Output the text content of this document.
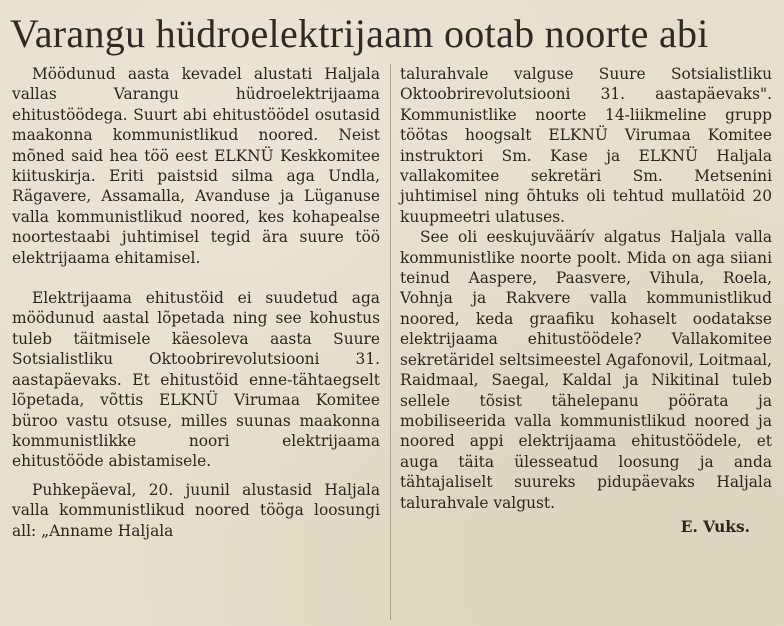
Varangu hüdroelektrijaam ootab noorte abi

Möödunud aasta kevadel alustati Haljala vallas Varangu hüdroelektrijaama ehitustöödega. Suurt abi ehitustöödel osutasid maakonna kommunistlikud noored. Neist mõned said hea töö eest ELKNÜ Keskkomitee kiituskirja. Eriti paistsid silma aga Undla, Rägavere, Assamalla, Avanduse ja Lüganuse valla kommunistlikud noored, kes kohapealse noortestaabi juhtimisel tegid ära suure töö elektrijaama ehitamisel.

Elektrijaama ehitustöid ei suudetud aga möödunud aastal lõpetada ning see kohustus tuleb täitmisele käesoleva aasta Suure Sotsialistliku Oktoobrirevolutsiooni 31. aastapäevaks. Et ehitustöid enne-tähtaegselt lõpetada, võttis ELKNÜ Virumaa Komitee büroo vastu otsuse, milles suunas maakonna kommunistlikke noori elektrijaama ehitustööde abistamisele.

Puhkepäeval, 20. juunil alustasid Haljala valla kommunistlikud noored tööga loosungi all: „Anname Haljala

talurahvale valguse Suure Sotsialistliku Oktoobrirevolutsiooni 31. aastapäevaks". Kommunistlike noorte 14-liikmeline grupp töötas hoogsalt ELKNÜ Virumaa Komitee instruktori Sm. Kase ja ELKNÜ Haljala vallakomitee sekretäri Sm. Metsenini juhtimisel ning õhtuks oli tehtud mullatöid 20 kuupmeetri ulatuses.

See oli eeskujuväärív algatus Haljala valla kommunistlike noorte poolt. Mida on aga siiani teinud Aaspere, Paasvere, Vihula, Roela, Vohnja ja Rakvere valla kommunistlikud noored, keda graafiku kohaselt oodatakse elektrijaama ehitustöödele? Vallakomitee sekretäridel seltsimeestel Agafonovil, Loitmaal, Raidmaal, Saegal, Kaldal ja Nikitinal tuleb sellele tõsist tähelepanu pöörata ja mobiliseerida valla kommunistlikud noored ja noored appi elektrijaama ehitustöödele, et auga täita ülesseatud loosung ja anda tähtajaliselt suureks pidupäevaks Haljala talurahvale valgust.

E. Vuks.
